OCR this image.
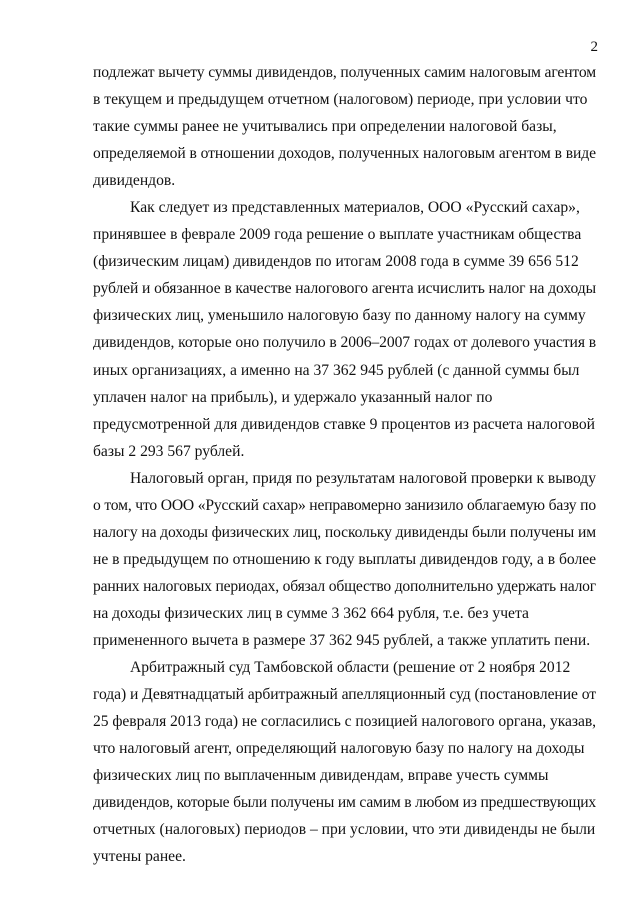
2
подлежат вычету суммы дивидендов, полученных самим налоговым агентом
в текущем и предыдущем отчетном (налоговом) периоде, при условии что
такие суммы ранее не учитывались при определении налоговой базы,
определяемой в отношении доходов, полученных налоговым агентом в виде
дивидендов.
Как следует из представленных материалов, ООО «Русский сахар»,
принявшее в феврале 2009 года решение о выплате участникам общества
(физическим лицам) дивидендов по итогам 2008 года в сумме 39 656 512
рублей и обязанное в качестве налогового агента исчислить налог на доходы
физических лиц, уменьшило налоговую базу по данному налогу на сумму
дивидендов, которые оно получило в 2006–2007 годах от долевого участия в
иных организациях, а именно на 37 362 945 рублей (с данной суммы был
уплачен налог на прибыль), и удержало указанный налог по
предусмотренной для дивидендов ставке 9 процентов из расчета налоговой
базы 2 293 567 рублей.
Налоговый орган, придя по результатам налоговой проверки к выводу
о том, что ООО «Русский сахар» неправомерно занизило облагаемую базу по
налогу на доходы физических лиц, поскольку дивиденды были получены им
не в предыдущем по отношению к году выплаты дивидендов году, а в более
ранних налоговых периодах, обязал общество дополнительно удержать налог
на доходы физических лиц в сумме 3 362 664 рубля, т.е. без учета
примененного вычета в размере 37 362 945 рублей, а также уплатить пени.
Арбитражный суд Тамбовской области (решение от 2 ноября 2012
года) и Девятнадцатый арбитражный апелляционный суд (постановление от
25 февраля 2013 года) не согласились с позицией налогового органа, указав,
что налоговый агент, определяющий налоговую базу по налогу на доходы
физических лиц по выплаченным дивидендам, вправе учесть суммы
дивидендов, которые были получены им самим в любом из предшествующих
отчетных (налоговых) периодов – при условии, что эти дивиденды не были
учтены ранее.
